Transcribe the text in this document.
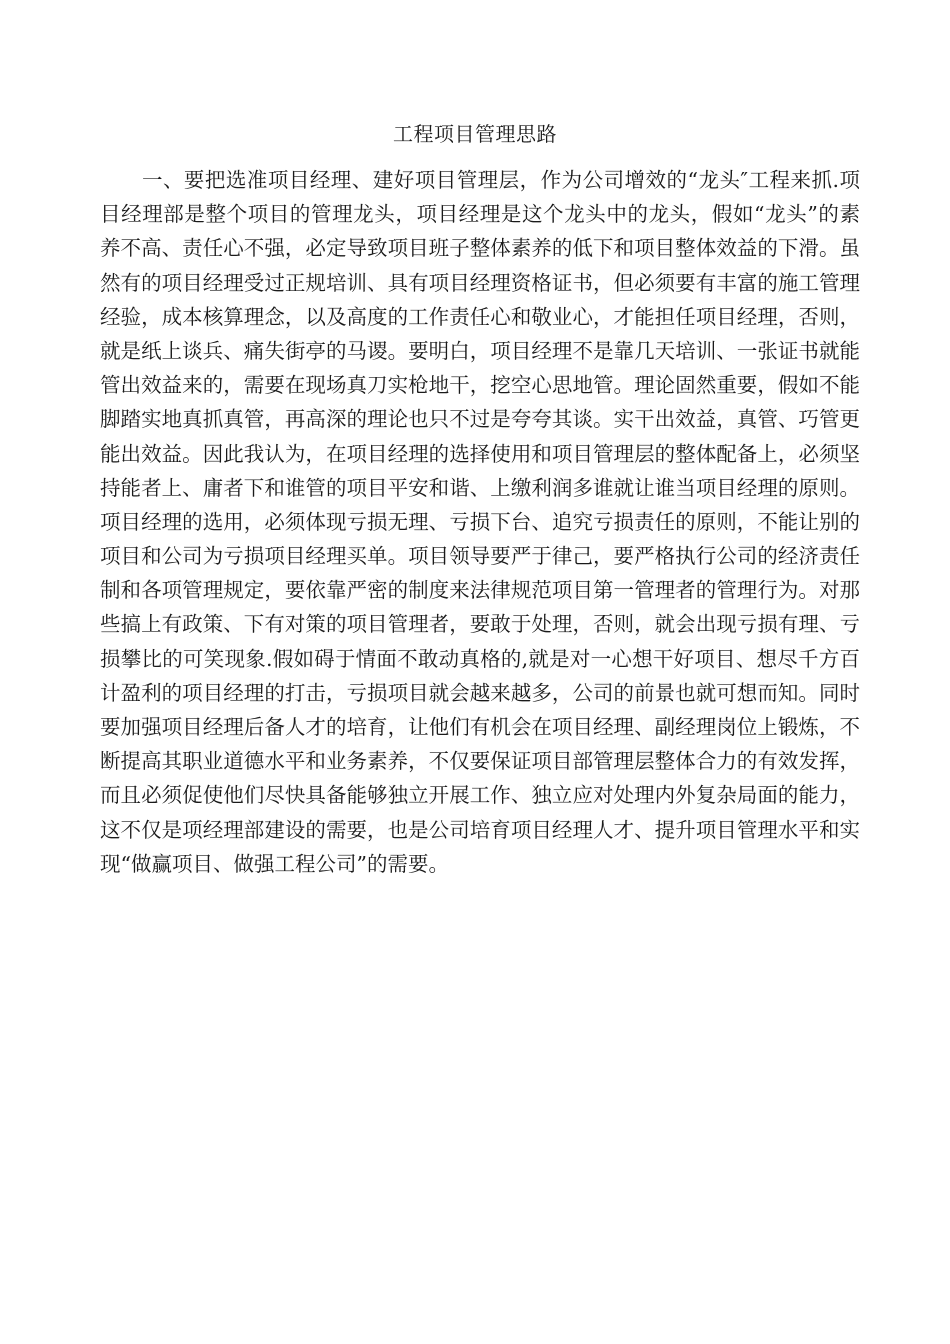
工程项目管理思路
　　一、要把选准项目经理、建好项目管理层，作为公司增效的“龙头″工程来抓.项
目经理部是整个项目的管理龙头，项目经理是这个龙头中的龙头，假如“龙头”的素
养不高、责任心不强，必定导致项目班子整体素养的低下和项目整体效益的下滑。虽
然有的项目经理受过正规培训、具有项目经理资格证书，但必须要有丰富的施工管理
经验，成本核算理念，以及高度的工作责任心和敬业心，才能担任项目经理，否则，
就是纸上谈兵、痛失街亭的马谡。要明白，项目经理不是靠几天培训、一张证书就能
管出效益来的，需要在现场真刀实枪地干，挖空心思地管。理论固然重要，假如不能
脚踏实地真抓真管，再高深的理论也只不过是夸夸其谈。实干出效益，真管、巧管更
能出效益。因此我认为，在项目经理的选择使用和项目管理层的整体配备上，必须坚
持能者上、庸者下和谁管的项目平安和谐、上缴利润多谁就让谁当项目经理的原则。
项目经理的选用，必须体现亏损无理、亏损下台、追究亏损责任的原则，不能让别的
项目和公司为亏损项目经理买单。项目领导要严于律己，要严格执行公司的经济责任
制和各项管理规定，要依靠严密的制度来法律规范项目第一管理者的管理行为。对那
些搞上有政策、下有对策的项目管理者，要敢于处理，否则，就会出现亏损有理、亏
损攀比的可笑现象.假如碍于情面不敢动真格的,就是对一心想干好项目、想尽千方百
计盈利的项目经理的打击，亏损项目就会越来越多，公司的前景也就可想而知。同时
要加强项目经理后备人才的培育，让他们有机会在项目经理、副经理岗位上锻炼，不
断提高其职业道德水平和业务素养，不仅要保证项目部管理层整体合力的有效发挥，
而且必须促使他们尽快具备能够独立开展工作、独立应对处理内外复杂局面的能力，
这不仅是项经理部建设的需要，也是公司培育项目经理人才、提升项目管理水平和实
现“做赢项目、做强工程公司”的需要。
